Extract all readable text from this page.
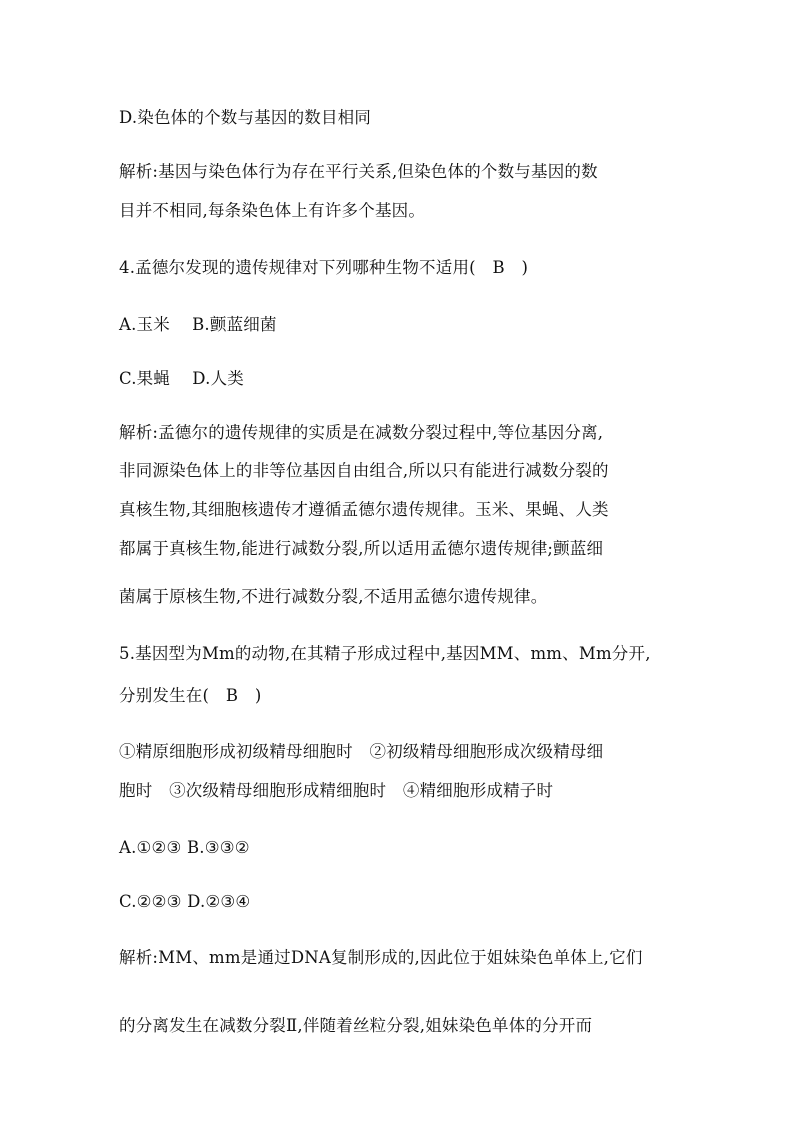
D.染色体的个数与基因的数目相同
解析:基因与染色体行为存在平行关系,但染色体的个数与基因的数
目并不相同,每条染色体上有许多个基因。
4.孟德尔发现的遗传规律对下列哪种生物不适用(　B　)
A.玉米　 B.颤蓝细菌
C.果蝇　 D.人类
解析:孟德尔的遗传规律的实质是在减数分裂过程中,等位基因分离,
非同源染色体上的非等位基因自由组合,所以只有能进行减数分裂的
真核生物,其细胞核遗传才遵循孟德尔遗传规律。玉米、果蝇、人类
都属于真核生物,能进行减数分裂,所以适用孟德尔遗传规律;颤蓝细
菌属于原核生物,不进行减数分裂,不适用孟德尔遗传规律。
5.基因型为Mm的动物,在其精子形成过程中,基因MM、mm、Mm分开,
分别发生在(　B　)
①精原细胞形成初级精母细胞时　②初级精母细胞形成次级精母细
胞时　③次级精母细胞形成精细胞时　④精细胞形成精子时
A.①②③ B.③③②
C.②②③ D.②③④
解析:MM、mm是通过DNA复制形成的,因此位于姐妹染色单体上,它们
的分离发生在减数分裂Ⅱ,伴随着丝粒分裂,姐妹染色单体的分开而
